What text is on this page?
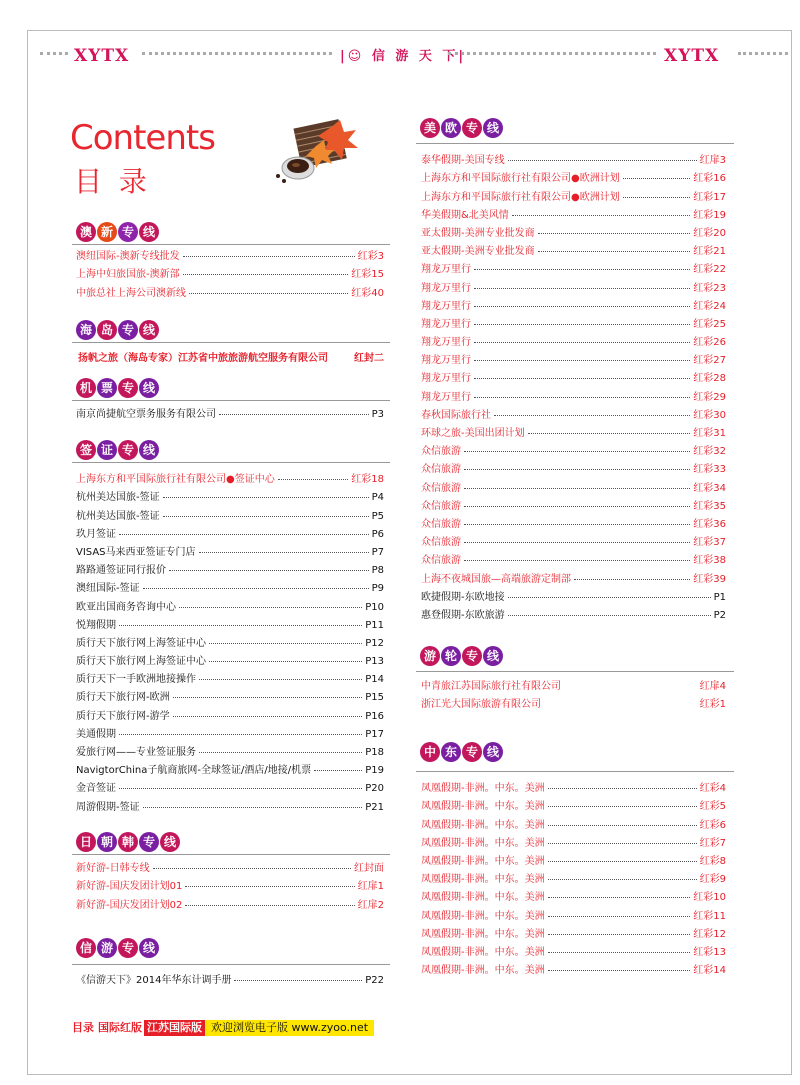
XYTX	|☺ 信 游 天 下|	XYTX
Contents
目 录
澳 新 专 线
澳纽国际-澳新专线批发	红彩3
上海中妇旅国旅-澳新部	红彩15
中旅总社上海公司澳新线	红彩40
海 岛 专 线
扬帆之旅（海岛专家）江苏省中旅旅游航空服务有限公司	红封二
机 票 专 线
南京尚捷航空票务服务有限公司	P3
签 证 专 线
上海东方和平国际旅行社有限公司●签证中心	红彩18
杭州美达国旅-签证	P4
杭州美达国旅-签证	P5
玖月签证	P6
VISAS马来西亚签证专门店	P7
路路通签证同行报价	P8
澳纽国际-签证	P9
欧亚出国商务咨询中心	P10
悦翔假期	P11
质行天下旅行网上海签证中心	P12
质行天下旅行网上海签证中心	P13
质行天下一手欧洲地接操作	P14
质行天下旅行网-欧洲	P15
质行天下旅行网-游学	P16
美通假期	P17
爱旅行网——专业签证服务	P18
NavigtorChina子航商旅网-全球签证/酒店/地接/机票	P19
金音签证	P20
周游假期-签证	P21
日 朝 韩 专 线
新好游-日韩专线	红封面
新好游-国庆发团计划01	红扉1
新好游-国庆发团计划02	红扉2
信 游 专 线
《信游天下》2014年华东计调手册	P22
美 欧 专 线
泰华假期-美国专线	红扉3
上海东方和平国际旅行社有限公司●欧洲计划	红彩16
上海东方和平国际旅行社有限公司●欧洲计划	红彩17
华美假期&北美风情	红彩19
亚太假期-美洲专业批发商	红彩20
亚太假期-美洲专业批发商	红彩21
翔龙万里行	红彩22
翔龙万里行	红彩23
翔龙万里行	红彩24
翔龙万里行	红彩25
翔龙万里行	红彩26
翔龙万里行	红彩27
翔龙万里行	红彩28
翔龙万里行	红彩29
春秋国际旅行社	红彩30
环球之旅-美国出团计划	红彩31
众信旅游	红彩32
众信旅游	红彩33
众信旅游	红彩34
众信旅游	红彩35
众信旅游	红彩36
众信旅游	红彩37
众信旅游	红彩38
上海不夜城国旅—高端旅游定制部	红彩39
欧捷假期-东欧地接	P1
惠登假期-东欧旅游	P2
游 轮 专 线
中青旅江苏国际旅行社有限公司	红扉4
浙江光大国际旅游有限公司	红彩1
中 东 专 线
凤凰假期-非洲。中东。美洲	红彩4
凤凰假期-非洲。中东。美洲	红彩5
凤凰假期-非洲。中东。美洲	红彩6
凤凰假期-非洲。中东。美洲	红彩7
凤凰假期-非洲。中东。美洲	红彩8
凤凰假期-非洲。中东。美洲	红彩9
凤凰假期-非洲。中东。美洲	红彩10
凤凰假期-非洲。中东。美洲	红彩11
凤凰假期-非洲。中东。美洲	红彩12
凤凰假期-非洲。中东。美洲	红彩13
凤凰假期-非洲。中东。美洲	红彩14
目录 国际红版 江苏国际版 欢迎浏览电子版 www.zyoo.net
